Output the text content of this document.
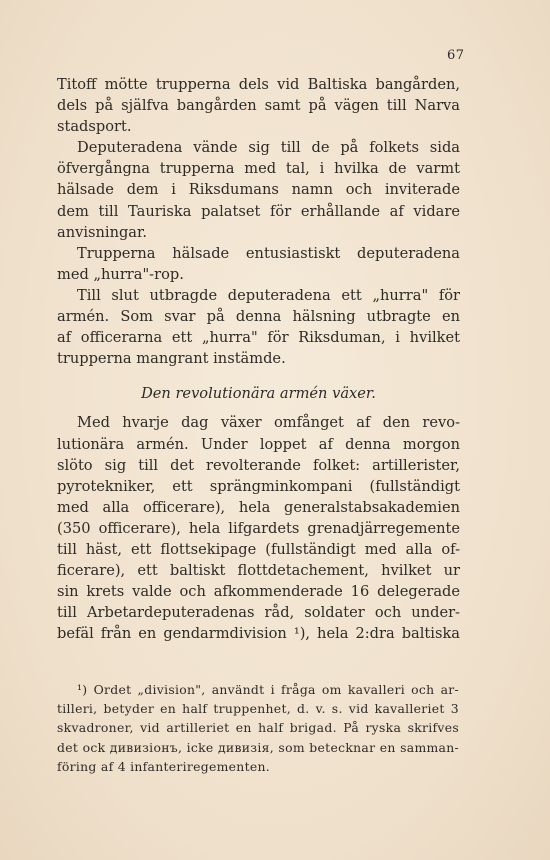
67
Titoff mötte trupperna dels vid Baltiska bangården,
dels på själfva bangården samt på vägen till Narva
stadsport.
Deputeradena vände sig till de på folkets sida
öfvergångna trupperna med tal, i hvilka de varmt
hälsade dem i Riksdumans namn och inviterade
dem till Tauriska palatset för erhållande af vidare
anvisningar.
Trupperna hälsade entusiastiskt deputeradena
med „hurra"-rop.
Till slut utbragde deputeradena ett „hurra" för
armén. Som svar på denna hälsning utbragte en
af officerarna ett „hurra" för Riksduman, i hvilket
trupperna mangrant instämde.
Den revolutionära armén växer.
Med hvarje dag växer omfånget af den revo-
lutionära armén. Under loppet af denna morgon
slöto sig till det revolterande folket: artillerister,
pyrotekniker, ett sprängminkompani (fullständigt
med alla officerare), hela generalstabsakademien
(350 officerare), hela lifgardets grenadjärregemente
till häst, ett flottsekipage (fullständigt med alla of-
ficerare), ett baltiskt flottdetachement, hvilket ur
sin krets valde och afkommenderade 16 delegerade
till Arbetardeputeradenas råd, soldater och under-
befäl från en gendarmdivision ¹), hela 2:dra baltiska
¹) Ordet „division", användt i fråga om kavalleri och ar-
tilleri, betyder en half truppenhet, d. v. s. vid kavalleriet 3
skvadroner, vid artilleriet en half brigad. På ryska skrifves
det ock дивизіонъ, icke дивизія, som betecknar en samman-
föring af 4 infanteriregementen.
